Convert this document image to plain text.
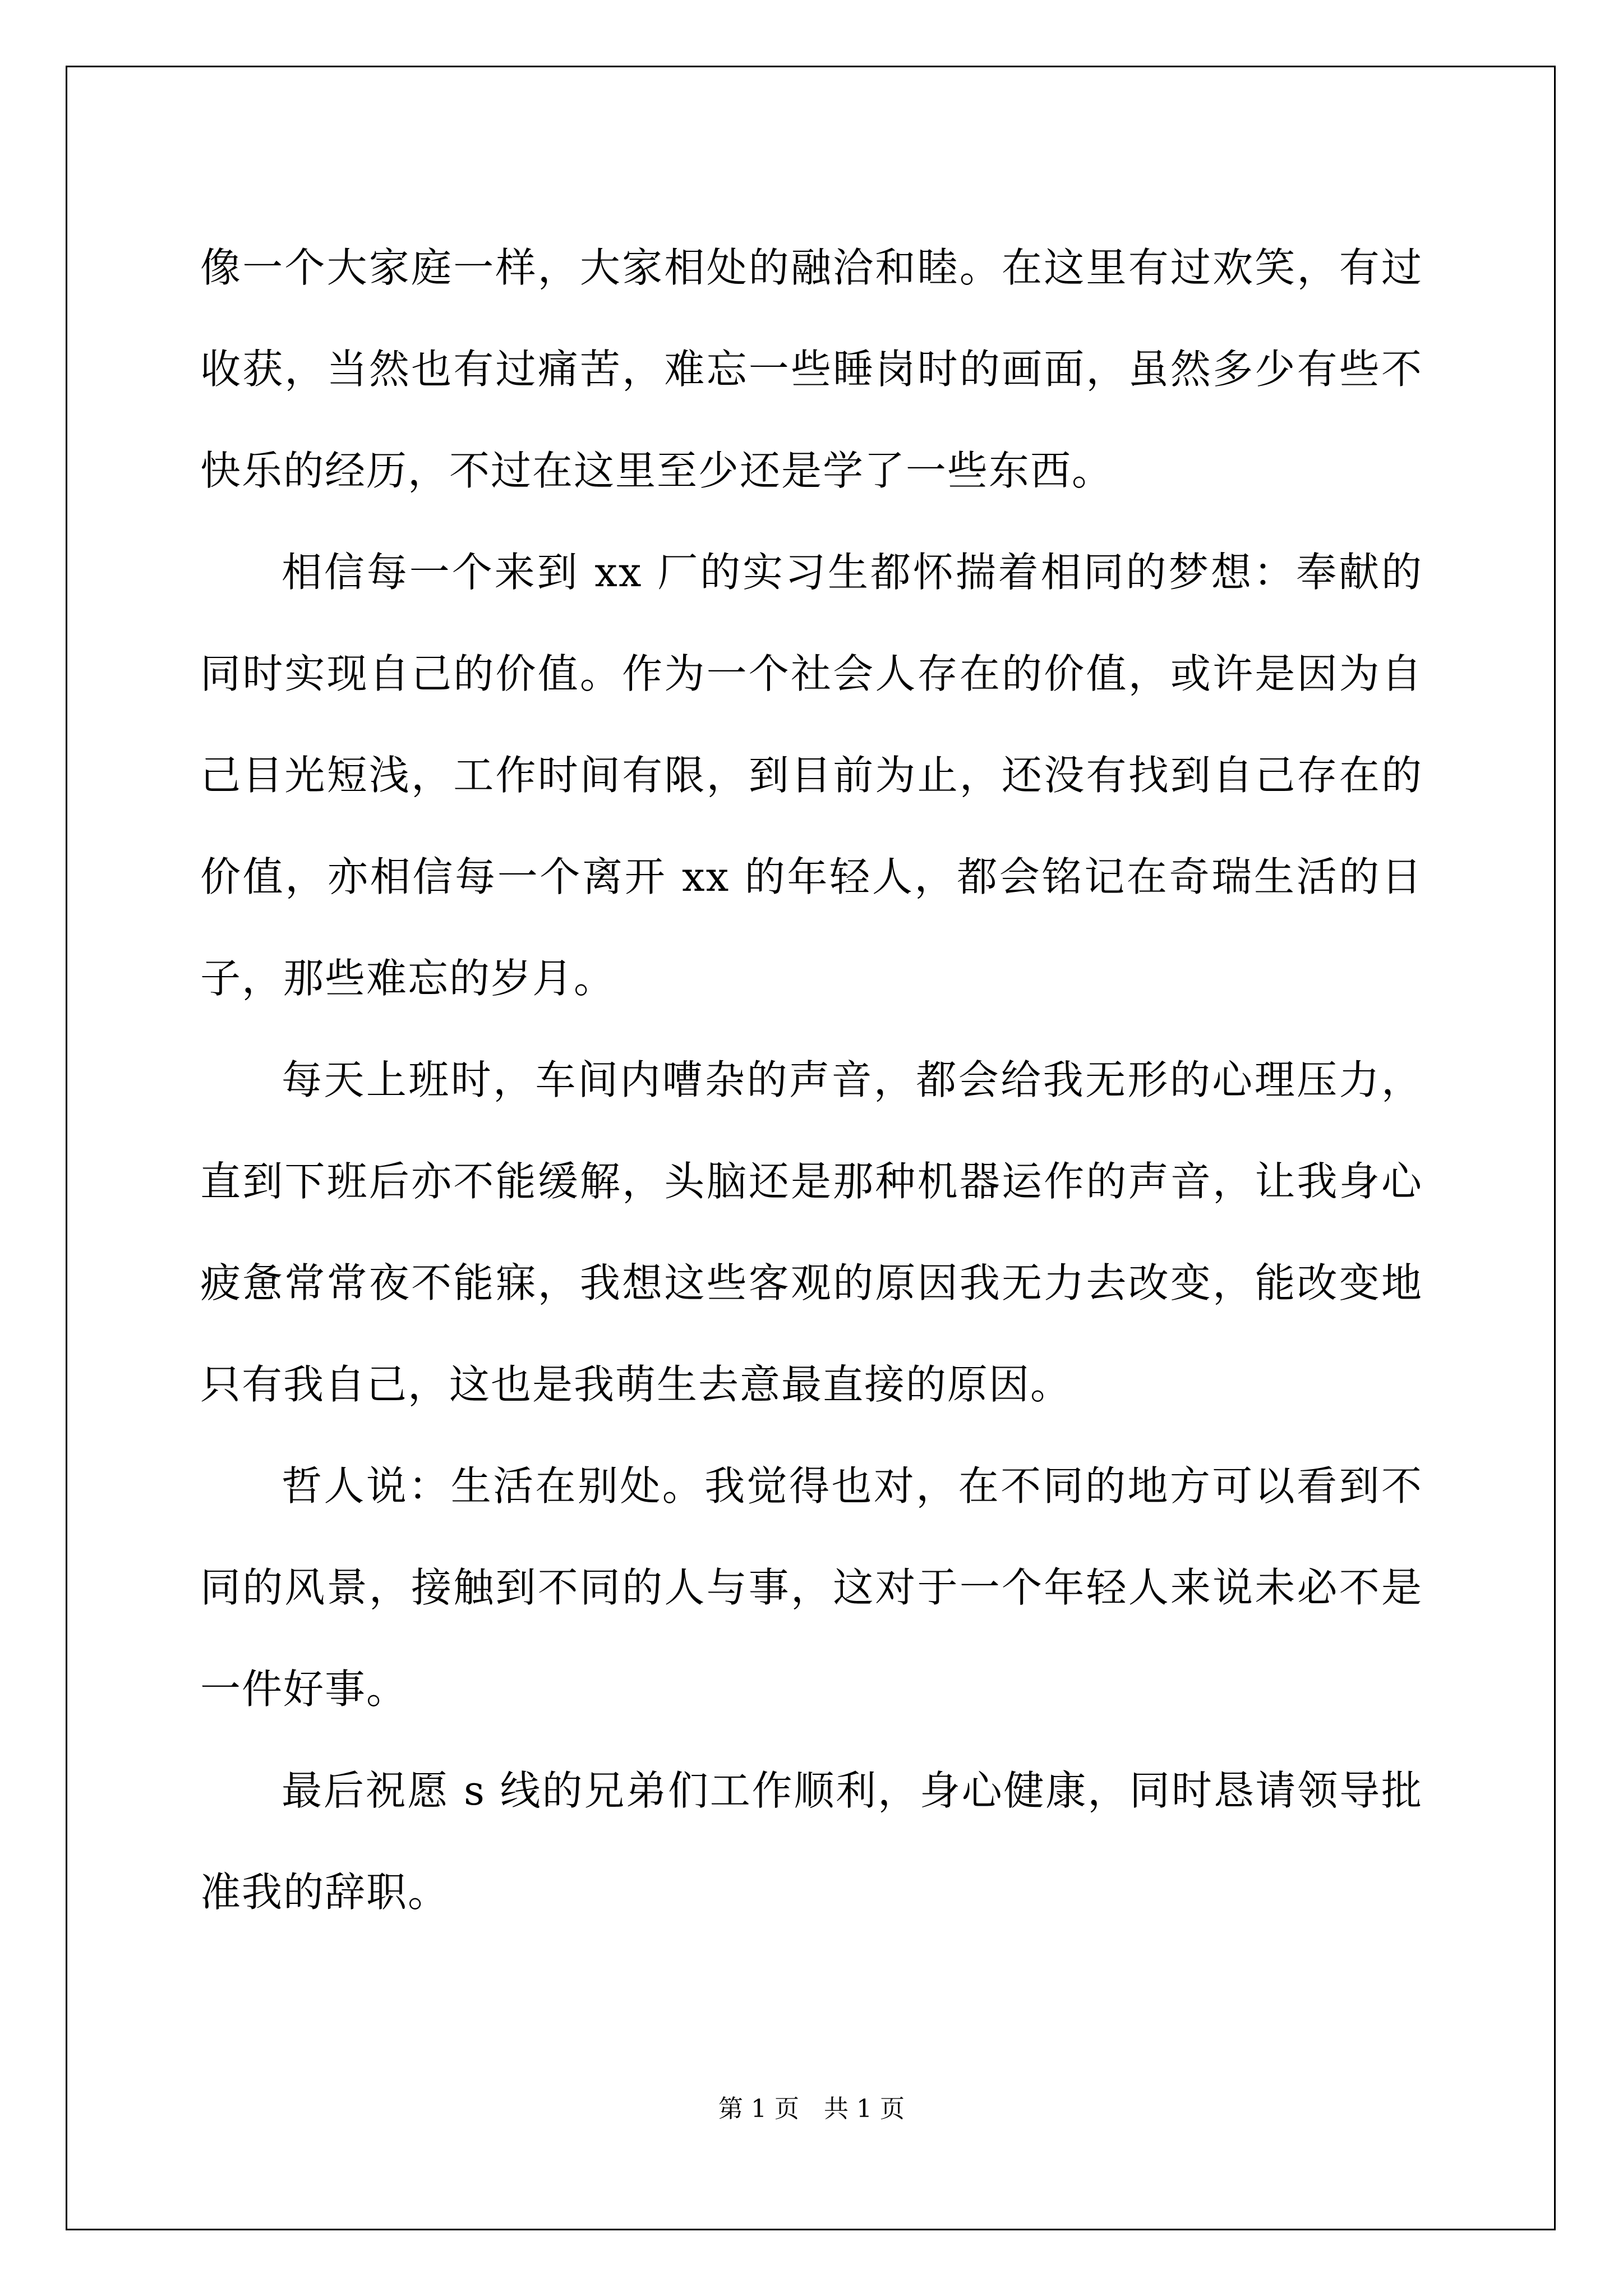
像一个大家庭一样，大家相处的融洽和睦。在这里有过欢笑，有过收获，当然也有过痛苦，难忘一些睡岗时的画面，虽然多少有些不快乐的经历，不过在这里至少还是学了一些东西。

相信每一个来到 xx 厂的实习生都怀揣着相同的梦想：奉献的同时实现自己的价值。作为一个社会人存在的价值，或许是因为自己目光短浅，工作时间有限，到目前为止，还没有找到自己存在的价值，亦相信每一个离开 xx 的年轻人，都会铭记在奇瑞生活的日子，那些难忘的岁月。

每天上班时，车间内嘈杂的声音，都会给我无形的心理压力，直到下班后亦不能缓解，头脑还是那种机器运作的声音，让我身心疲惫常常夜不能寐，我想这些客观的原因我无力去改变，能改变地只有我自己，这也是我萌生去意最直接的原因。

哲人说：生活在别处。我觉得也对，在不同的地方可以看到不同的风景，接触到不同的人与事，这对于一个年轻人来说未必不是一件好事。

最后祝愿 s 线的兄弟们工作顺利，身心健康，同时恳请领导批准我的辞职。

第 1 页　共 1 页
